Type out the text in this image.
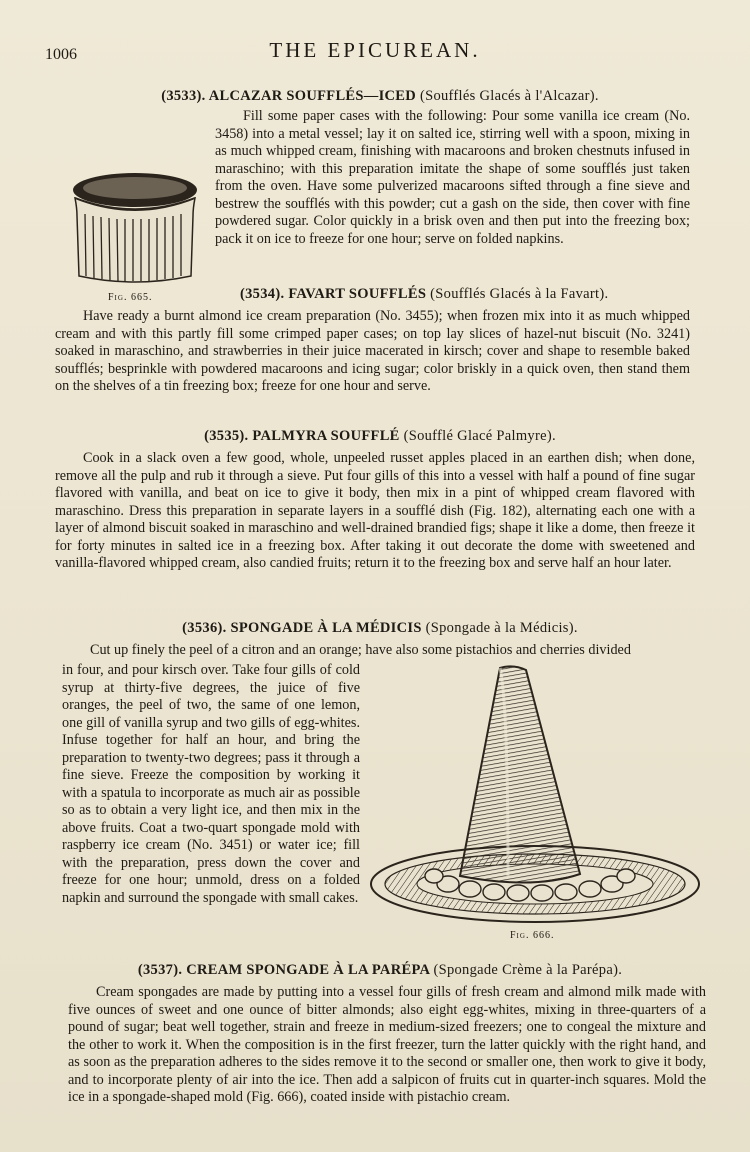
1006	THE EPICUREAN.
(3533). ALCAZAR SOUFFLÉS—ICED (Soufflés Glacés à l'Alcazar).

Fill some paper cases with the following: Pour some vanilla ice cream (No. 3458) into a metal vessel; lay it on salted ice, stirring well with a spoon, mixing in as much whipped cream, finishing with macaroons and broken chestnuts infused in maraschino; with this preparation imitate the shape of some soufflés just taken from the oven. Have some pulverized macaroons sifted through a fine sieve and bestrew the soufflés with this powder; cut a gash on the side, then cover with fine powdered sugar. Color quickly in a brisk oven and then put into the freezing box; pack it on ice to freeze for one hour; serve on folded napkins.

Fig. 665.	(3534). FAVART SOUFFLÉS (Soufflés Glacés à la Favart).

Have ready a burnt almond ice cream preparation (No. 3455); when frozen mix into it as much whipped cream and with this partly fill some crimped paper cases; on top lay slices of hazel-nut biscuit (No. 3241) soaked in maraschino, and strawberries in their juice macerated in kirsch; cover and shape to resemble baked soufflés; besprinkle with powdered macaroons and icing sugar; color briskly in a quick oven, then stand them on the shelves of a tin freezing box; freeze for one hour and serve.

(3535). PALMYRA SOUFFLÉ (Soufflé Glacé Palmyre).

Cook in a slack oven a few good, whole, unpeeled russet apples placed in an earthen dish; when done, remove all the pulp and rub it through a sieve. Put four gills of this into a vessel with half a pound of fine sugar flavored with vanilla, and beat on ice to give it body, then mix in a pint of whipped cream flavored with maraschino. Dress this preparation in separate layers in a soufflé dish (Fig. 182), alternating each one with a layer of almond biscuit soaked in maraschino and well-drained brandied figs; shape it like a dome, then freeze it for forty minutes in salted ice in a freezing box. After taking it out decorate the dome with sweetened and vanilla-flavored whipped cream, also candied fruits; return it to the freezing box and serve half an hour later.

(3536). SPONGADE À LA MÉDICIS (Spongade à la Médicis).

Cut up finely the peel of a citron and an orange; have also some pistachios and cherries divided

in four, and pour kirsch over. Take four gills of cold syrup at thirty-five degrees, the juice of five oranges, the peel of two, the same of one lemon, one gill of vanilla syrup and two gills of egg-whites. Infuse together for half an hour, and bring the preparation to twenty-two degrees; pass it through a fine sieve. Freeze the composition by working it with a spatula to incorporate as much air as possible so as to obtain a very light ice, and then mix in the above fruits. Coat a two-quart spongade mold with raspberry ice cream (No. 3451) or water ice; fill with the preparation, press down the cover and freeze for one hour; unmold, dress on a folded napkin and surround the spongade with small cakes.

Fig. 666.
(3537). CREAM SPONGADE À LA PARÉPA (Spongade Crème à la Parépa).

Cream spongades are made by putting into a vessel four gills of fresh cream and almond milk made with five ounces of sweet and one ounce of bitter almonds; also eight egg-whites, mixing in three-quarters of a pound of sugar; beat well together, strain and freeze in medium-sized freezers; one to congeal the mixture and the other to work it. When the composition is in the first freezer, turn the latter quickly with the right hand, and as soon as the preparation adheres to the sides remove it to the second or smaller one, then work to give it body, and to incorporate plenty of air into the ice. Then add a salpicon of fruits cut in quarter-inch squares. Mold the ice in a spongade-shaped mold (Fig. 666), coated inside with pistachio cream.
